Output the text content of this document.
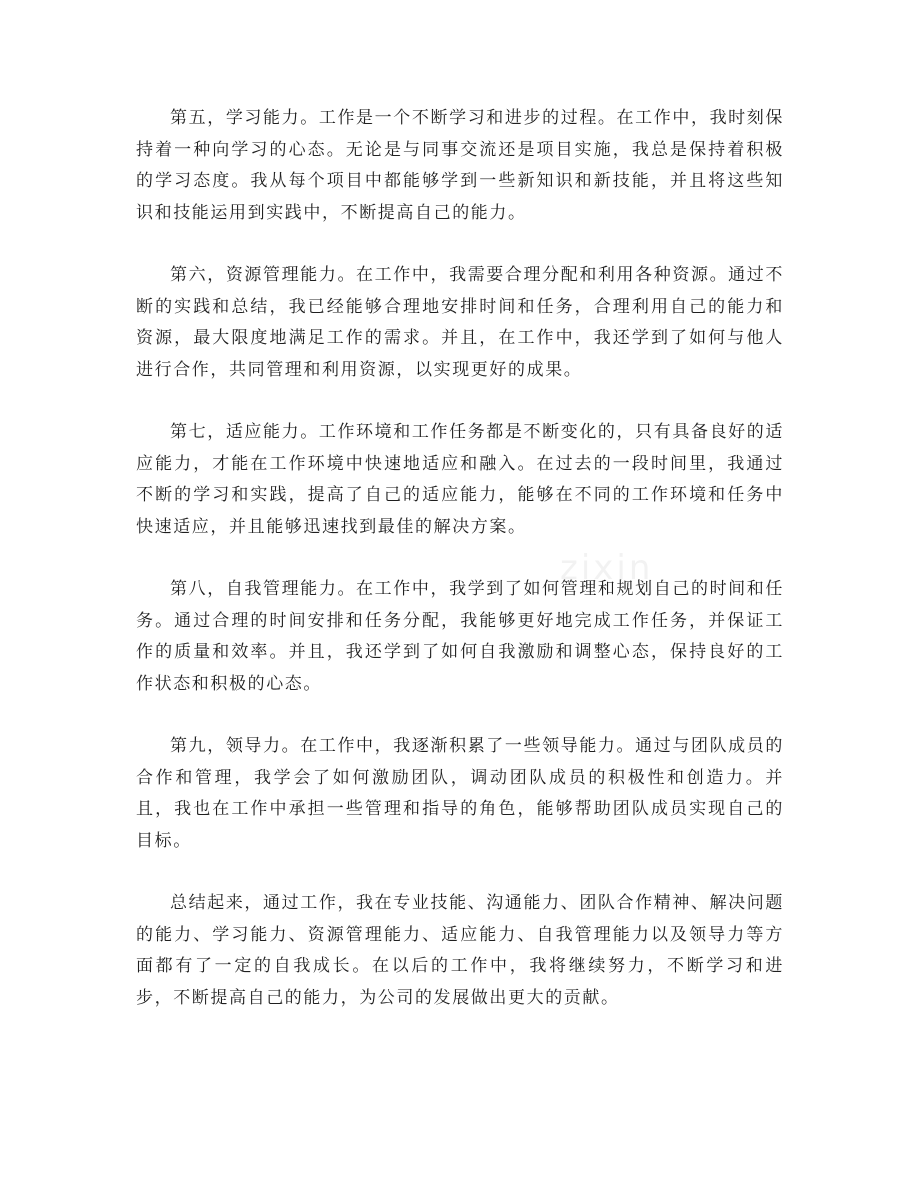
zixin

第五，学习能力。工作是一个不断学习和进步的过程。在工作中，我时刻保持着一种向学习的心态。无论是与同事交流还是项目实施，我总是保持着积极的学习态度。我从每个项目中都能够学到一些新知识和新技能，并且将这些知识和技能运用到实践中，不断提高自己的能力。

第六，资源管理能力。在工作中，我需要合理分配和利用各种资源。通过不断的实践和总结，我已经能够合理地安排时间和任务，合理利用自己的能力和资源，最大限度地满足工作的需求。并且，在工作中，我还学到了如何与他人进行合作，共同管理和利用资源，以实现更好的成果。

第七，适应能力。工作环境和工作任务都是不断变化的，只有具备良好的适应能力，才能在工作环境中快速地适应和融入。在过去的一段时间里，我通过不断的学习和实践，提高了自己的适应能力，能够在不同的工作环境和任务中快速适应，并且能够迅速找到最佳的解决方案。

第八，自我管理能力。在工作中，我学到了如何管理和规划自己的时间和任务。通过合理的时间安排和任务分配，我能够更好地完成工作任务，并保证工作的质量和效率。并且，我还学到了如何自我激励和调整心态，保持良好的工作状态和积极的心态。

第九，领导力。在工作中，我逐渐积累了一些领导能力。通过与团队成员的合作和管理，我学会了如何激励团队，调动团队成员的积极性和创造力。并且，我也在工作中承担一些管理和指导的角色，能够帮助团队成员实现自己的目标。

总结起来，通过工作，我在专业技能、沟通能力、团队合作精神、解决问题的能力、学习能力、资源管理能力、适应能力、自我管理能力以及领导力等方面都有了一定的自我成长。在以后的工作中，我将继续努力，不断学习和进步，不断提高自己的能力，为公司的发展做出更大的贡献。
